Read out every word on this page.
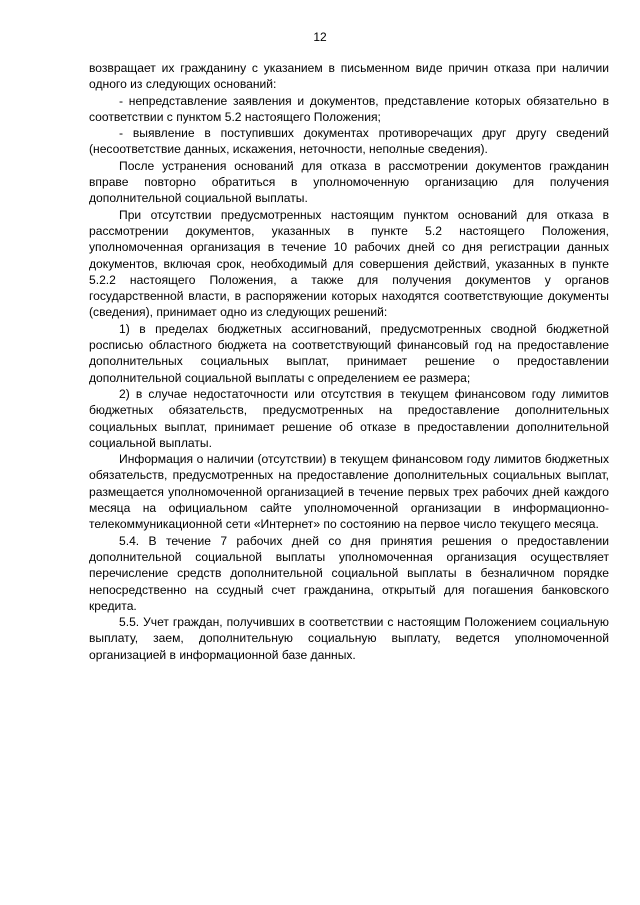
12

возвращает их гражданину с указанием в письменном виде причин отказа при наличии одного из следующих оснований:

- непредставление заявления и документов, представление которых обязательно в соответствии с пунктом 5.2 настоящего Положения;

- выявление в поступивших документах противоречащих друг другу сведений (несоответствие данных, искажения, неточности, неполные сведения).

После устранения оснований для отказа в рассмотрении документов гражданин вправе повторно обратиться в уполномоченную организацию для получения дополнительной социальной выплаты.

При отсутствии предусмотренных настоящим пунктом оснований для отказа в рассмотрении документов, указанных в пункте 5.2 настоящего Положения, уполномоченная организация в течение 10 рабочих дней со дня регистрации данных документов, включая срок, необходимый для совершения действий, указанных в пункте 5.2.2 настоящего Положения, а также для получения документов у органов государственной власти, в распоряжении которых находятся соответствующие документы (сведения), принимает одно из следующих решений:

1) в пределах бюджетных ассигнований, предусмотренных сводной бюджетной росписью областного бюджета на соответствующий финансовый год на предоставление дополнительных социальных выплат, принимает решение о предоставлении дополнительной социальной выплаты с определением ее размера;

2) в случае недостаточности или отсутствия в текущем финансовом году лимитов бюджетных обязательств, предусмотренных на предоставление дополнительных социальных выплат, принимает решение об отказе в предоставлении дополнительной социальной выплаты.

Информация о наличии (отсутствии) в текущем финансовом году лимитов бюджетных обязательств, предусмотренных на предоставление дополнительных социальных выплат, размещается уполномоченной организацией в течение первых трех рабочих дней каждого месяца на официальном сайте уполномоченной организации в информационно-телекоммуникационной сети «Интернет» по состоянию на первое число текущего месяца.

5.4. В течение 7 рабочих дней со дня принятия решения о предоставлении дополнительной социальной выплаты уполномоченная организация осуществляет перечисление средств дополнительной социальной выплаты в безналичном порядке непосредственно на ссудный счет гражданина, открытый для погашения банковского кредита.

5.5. Учет граждан, получивших в соответствии с настоящим Положением социальную выплату, заем, дополнительную социальную выплату, ведется уполномоченной организацией в информационной базе данных.
